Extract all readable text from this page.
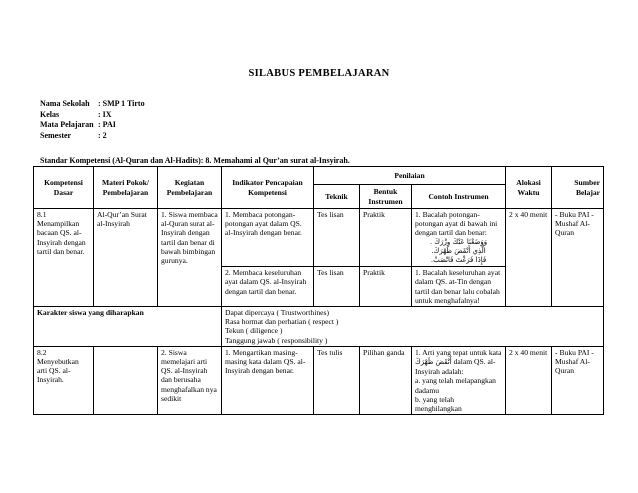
SILABUS PEMBELAJARAN
Nama Sekolah	: SMP 1 Tirto
Kelas	: IX
Mata Pelajaran : PAI
Semester	: 2
Standar Kompetensi (Al-Quran dan Al-Hadits): 8. Memahami al Qur’an surat al-Insyirah.
Kompetensi Dasar	Materi Pokok/ Pembelajaran	Kegiatan Pembelajaran	Indikator Pencapaian Kompetensi	Penilaian			Alokasi Waktu	Sumber Belajar
				Teknik	Bentuk Instrumen	Contoh Instrumen		
8.1 Menampilkan bacaan QS. al-Insyirah dengan tartil dan benar.	Al-Qur’an Surat al-Insyirah	1. Siswa membaca al-Quran surat al-Insyirah dengan tartil dan benar di bawah bimbingan gurunya.	1. Membaca potongan-potongan ayat dalam QS. al-Insyirah dengan benar.	Tes lisan	Praktik	1. Bacalah potongan-potongan ayat di bawah ini dengan tartil dan benar:
وَوَضَعْنَا عَنْكَ وِزْرَكَ .
الَّذِي أَنْقَضَ ظَهْرَكَ.
فَإِذَا فَرَغْتَ فَانْصَبْ.	2 x 40 menit	- Buku PAI - Mushaf Al-Quran
			2. Membaca keseluruhan ayat dalam QS. al-Insyirah dengan tartil dan benar.	Tes lisan	Praktik	1. Bacalah keseluruhan ayat dalam QS. at-Tin dengan tartil dan benar lalu cobalah untuk menghafalnya!		
Karakter siswa yang diharapkan			Dapat dipercaya ( Trustworthines)
Rasa hormat dan perhatian ( respect )
Tekun ( diligence )
Tanggung jawab ( responsibility )					

8.2 Menyebutkan arti QS. al-Insyirah.		2. Siswa memelajari arti QS. al-Insyirah dan berusaha menghafalkan nya sedikit	1. Mengartikan masing-masing kata dalam QS. al-Insyirah dengan benar.	Tes tulis	Pilihan ganda	1. Arti yang tepat untuk kata أَنْقَضَ ظَهْرَكَ dalam QS. al-Insyirah adalah:
a. yang telah melapangkan dadamu
b. yang telah menghilangkan	2 x 40 menit	- Buku PAI - Mushaf Al-Quran
